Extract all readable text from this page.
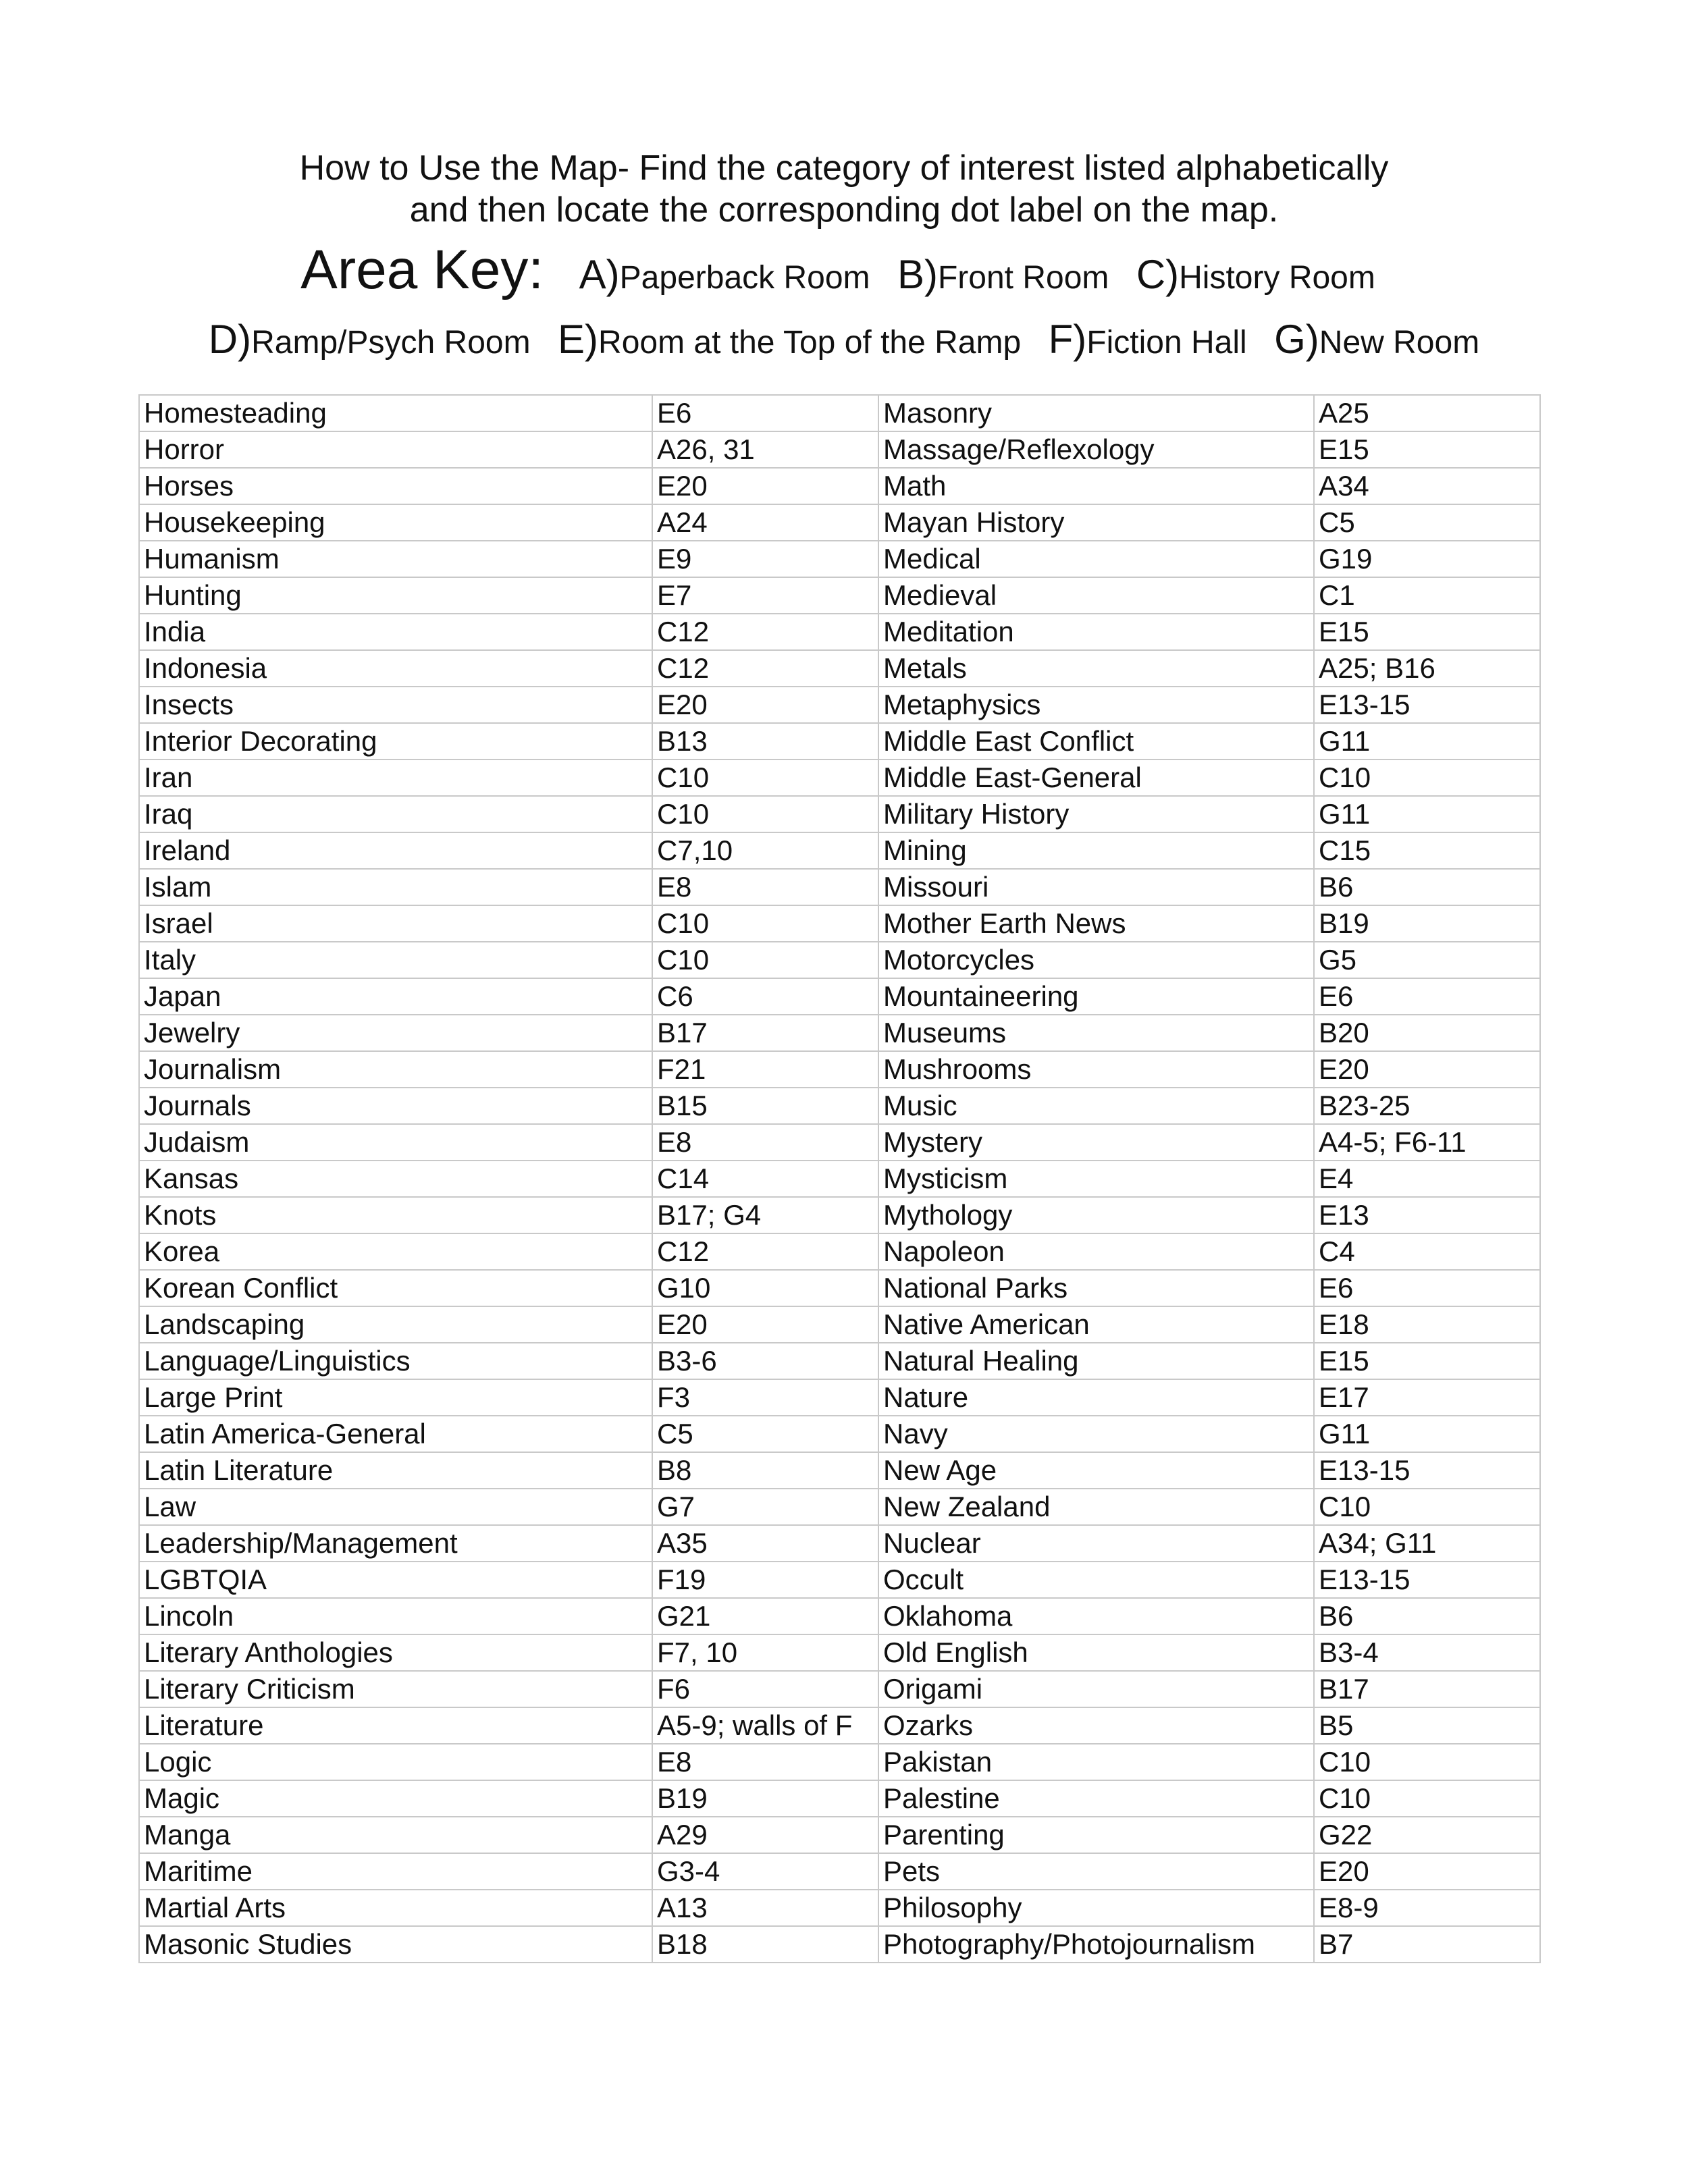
How to Use the Map- Find the category of interest listed alphabetically
and then locate the corresponding dot label on the map.
Area Key: A)Paperback Room B)Front Room C)History Room
D)Ramp/Psych Room E)Room at the Top of the Ramp F)Fiction Hall G)New Room
Homesteading	E6	Masonry	A25
Horror	A26, 31	Massage/Reflexology	E15
Horses	E20	Math	A34
Housekeeping	A24	Mayan History	C5
Humanism	E9	Medical	G19
Hunting	E7	Medieval	C1
India	C12	Meditation	E15
Indonesia	C12	Metals	A25; B16
Insects	E20	Metaphysics	E13-15
Interior Decorating	B13	Middle East Conflict	G11
Iran	C10	Middle East-General	C10
Iraq	C10	Military History	G11
Ireland	C7,10	Mining	C15
Islam	E8	Missouri	B6
Israel	C10	Mother Earth News	B19
Italy	C10	Motorcycles	G5
Japan	C6	Mountaineering	E6
Jewelry	B17	Museums	B20
Journalism	F21	Mushrooms	E20
Journals	B15	Music	B23-25
Judaism	E8	Mystery	A4-5; F6-11
Kansas	C14	Mysticism	E4
Knots	B17; G4	Mythology	E13
Korea	C12	Napoleon	C4
Korean Conflict	G10	National Parks	E6
Landscaping	E20	Native American	E18
Language/Linguistics	B3-6	Natural Healing	E15
Large Print	F3	Nature	E17
Latin America-General	C5	Navy	G11
Latin Literature	B8	New Age	E13-15
Law	G7	New Zealand	C10
Leadership/Management	A35	Nuclear	A34; G11
LGBTQIA	F19	Occult	E13-15
Lincoln	G21	Oklahoma	B6
Literary Anthologies	F7, 10	Old English	B3-4
Literary Criticism	F6	Origami	B17
Literature	A5-9; walls of F	Ozarks	B5
Logic	E8	Pakistan	C10
Magic	B19	Palestine	C10
Manga	A29	Parenting	G22
Maritime	G3-4	Pets	E20
Martial Arts	A13	Philosophy	E8-9
Masonic Studies	B18	Photography/Photojournalism	B7
